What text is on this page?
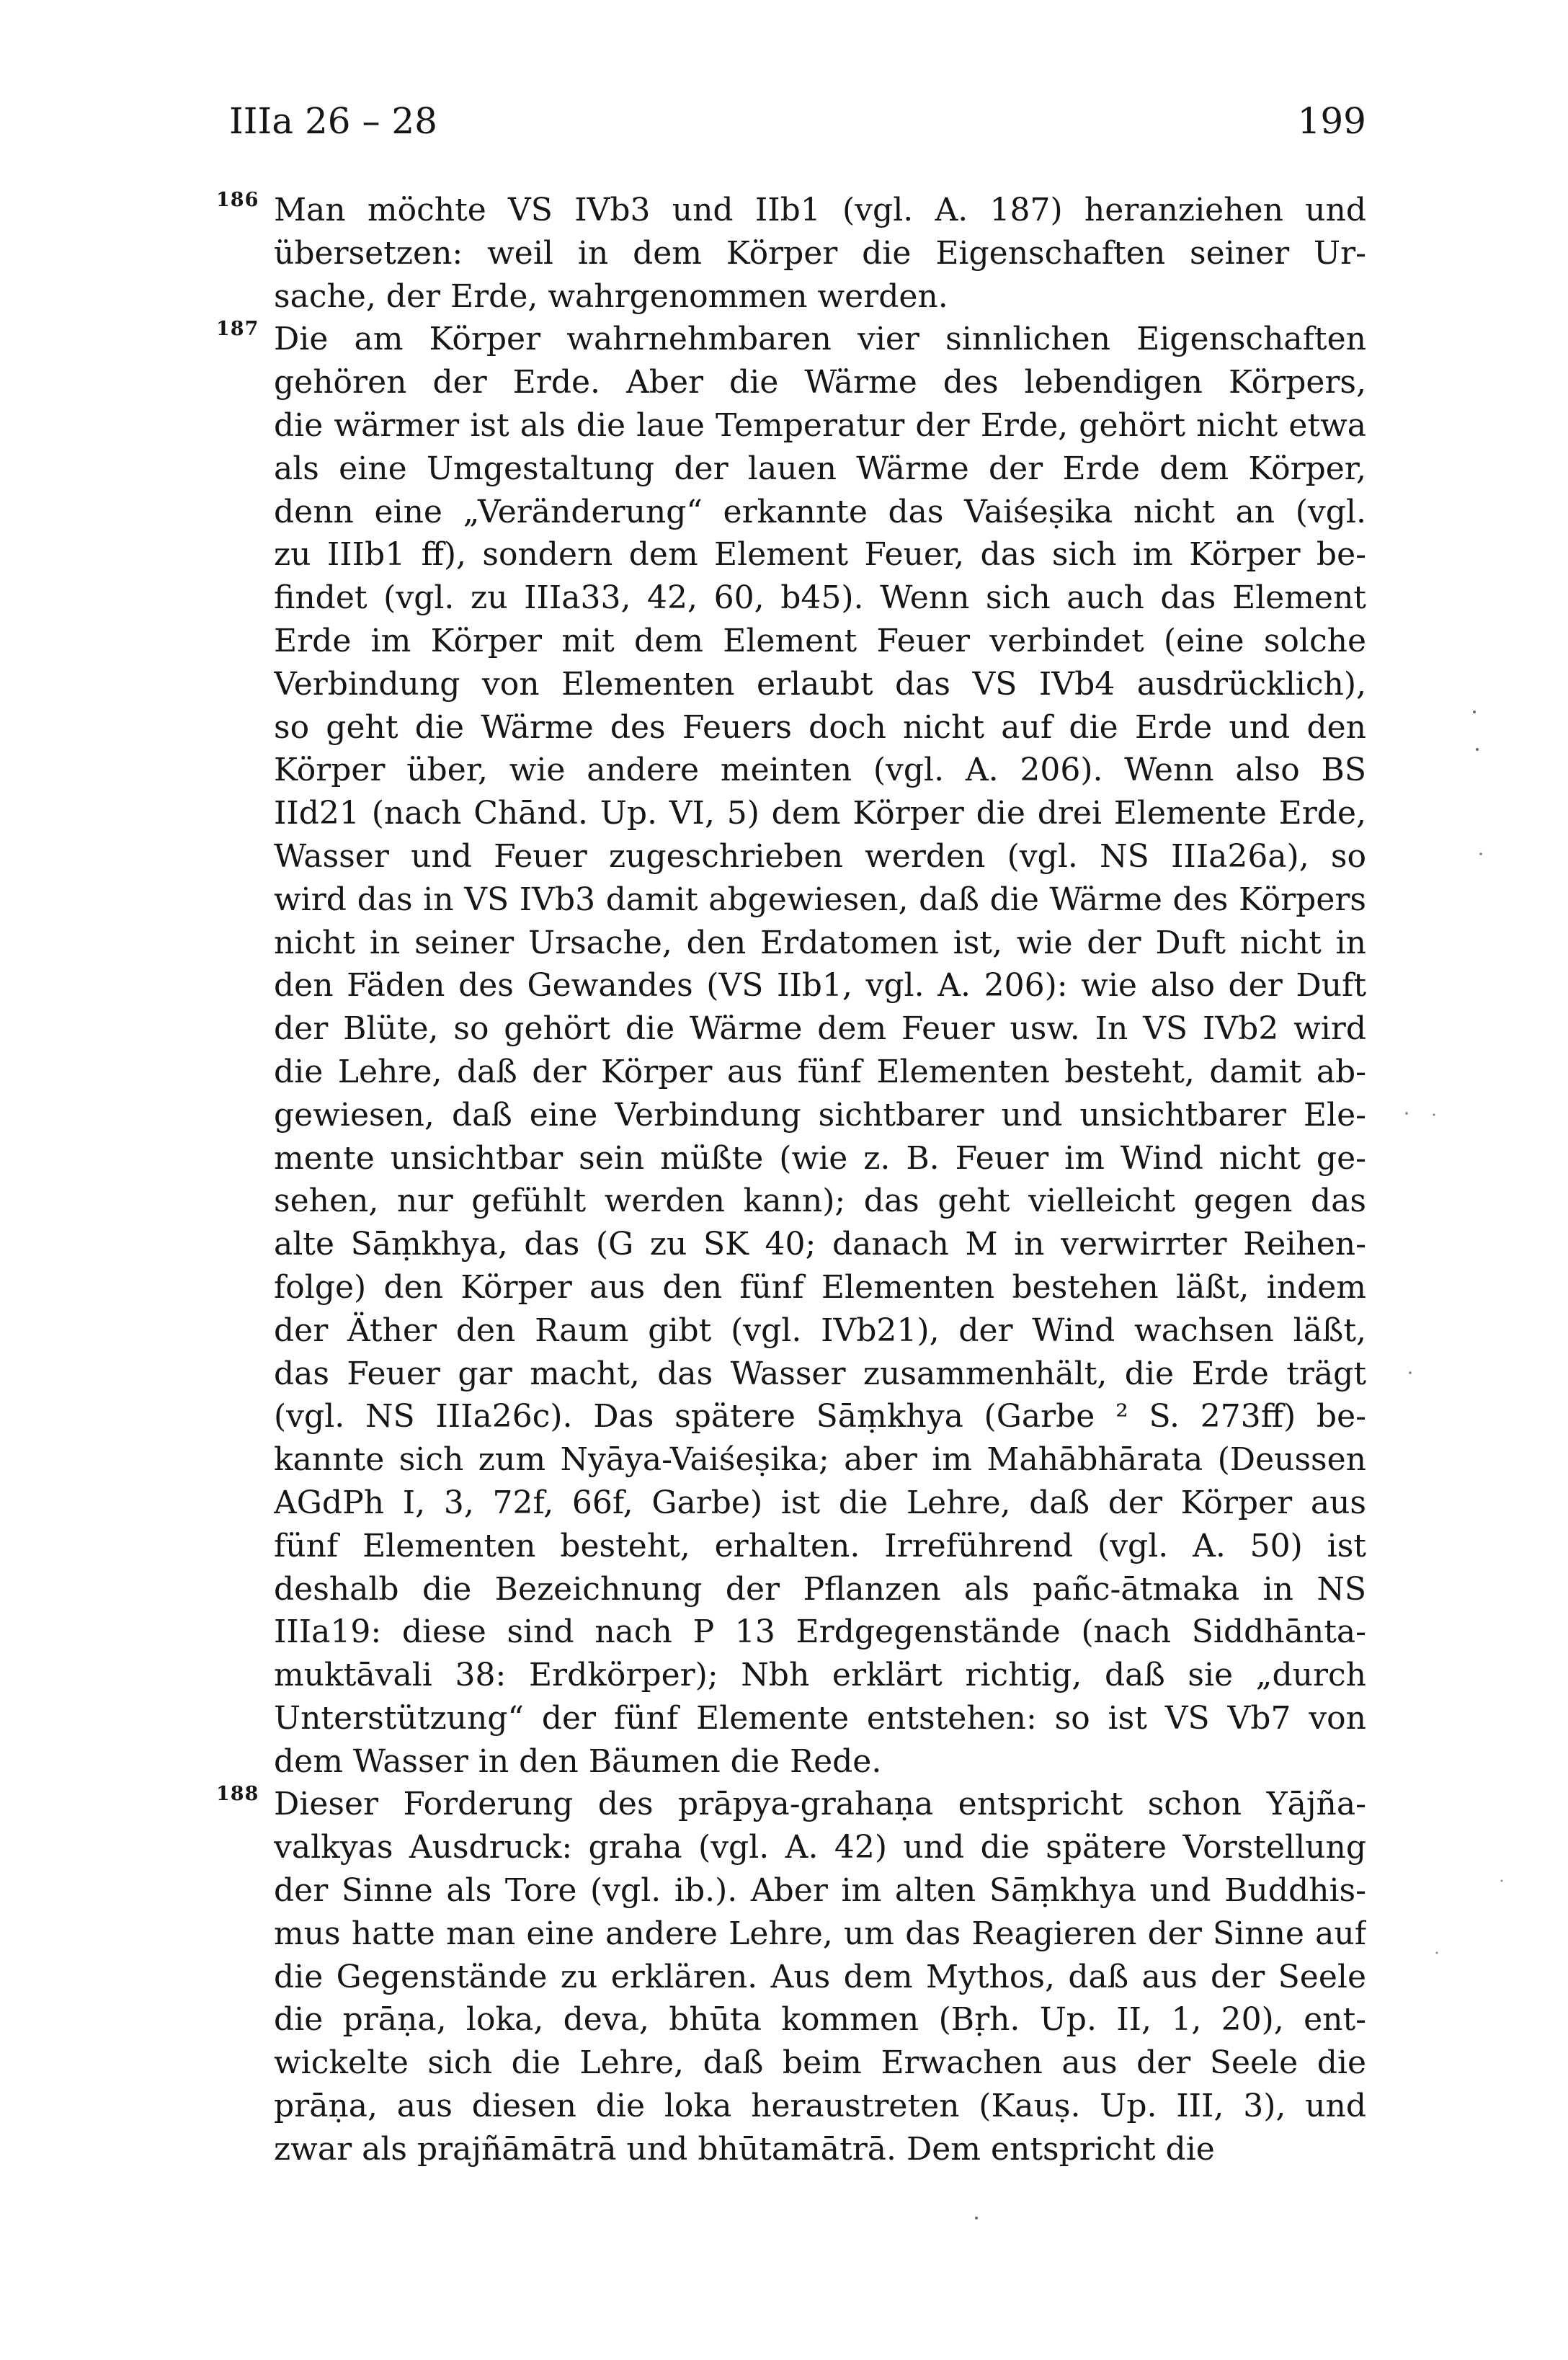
IIIa 26 – 28	199
186 Man möchte VS IVb3 und IIb1 (vgl. A. 187) heranziehen und
übersetzen: weil in dem Körper die Eigenschaften seiner Ur-
sache, der Erde, wahrgenommen werden.
187 Die am Körper wahrnehmbaren vier sinnlichen Eigenschaften
gehören der Erde. Aber die Wärme des lebendigen Körpers,
die wärmer ist als die laue Temperatur der Erde, gehört nicht etwa
als eine Umgestaltung der lauen Wärme der Erde dem Körper,
denn eine „Veränderung“ erkannte das Vaiśeṣika nicht an (vgl.
zu IIIb1 ff), sondern dem Element Feuer, das sich im Körper be-
findet (vgl. zu IIIa33, 42, 60, b45). Wenn sich auch das Element
Erde im Körper mit dem Element Feuer verbindet (eine solche
Verbindung von Elementen erlaubt das VS IVb4 ausdrücklich),
so geht die Wärme des Feuers doch nicht auf die Erde und den
Körper über, wie andere meinten (vgl. A. 206). Wenn also BS
IId21 (nach Chānd. Up. VI, 5) dem Körper die drei Elemente Erde,
Wasser und Feuer zugeschrieben werden (vgl. NS IIIa26a), so
wird das in VS IVb3 damit abgewiesen, daß die Wärme des Körpers
nicht in seiner Ursache, den Erdatomen ist, wie der Duft nicht in
den Fäden des Gewandes (VS IIb1, vgl. A. 206): wie also der Duft
der Blüte, so gehört die Wärme dem Feuer usw. In VS IVb2 wird
die Lehre, daß der Körper aus fünf Elementen besteht, damit ab-
gewiesen, daß eine Verbindung sichtbarer und unsichtbarer Ele-
mente unsichtbar sein müßte (wie z. B. Feuer im Wind nicht ge-
sehen, nur gefühlt werden kann); das geht vielleicht gegen das
alte Sāṃkhya, das (G zu SK 40; danach M in verwirrter Reihen-
folge) den Körper aus den fünf Elementen bestehen läßt, indem
der Äther den Raum gibt (vgl. IVb21), der Wind wachsen läßt,
das Feuer gar macht, das Wasser zusammenhält, die Erde trägt
(vgl. NS IIIa26c). Das spätere Sāṃkhya (Garbe ² S. 273ff) be-
kannte sich zum Nyāya-Vaiśeṣika; aber im Mahābhārata (Deussen
AGdPh I, 3, 72f, 66f, Garbe) ist die Lehre, daß der Körper aus
fünf Elementen besteht, erhalten. Irreführend (vgl. A. 50) ist
deshalb die Bezeichnung der Pflanzen als pañc-ātmaka in NS
IIIa19: diese sind nach P 13 Erdgegenstände (nach Siddhānta-
muktāvali 38: Erdkörper); Nbh erklärt richtig, daß sie „durch
Unterstützung“ der fünf Elemente entstehen: so ist VS Vb7 von
dem Wasser in den Bäumen die Rede.
188 Dieser Forderung des prāpya-grahaṇa entspricht schon Yājña-
valkyas Ausdruck: graha (vgl. A. 42) und die spätere Vorstellung
der Sinne als Tore (vgl. ib.). Aber im alten Sāṃkhya und Buddhis-
mus hatte man eine andere Lehre, um das Reagieren der Sinne auf
die Gegenstände zu erklären. Aus dem Mythos, daß aus der Seele
die prāṇa, loka, deva, bhūta kommen (Bṛh. Up. II, 1, 20), ent-
wickelte sich die Lehre, daß beim Erwachen aus der Seele die
prāṇa, aus diesen die loka heraustreten (Kauṣ. Up. III, 3), und
zwar als prajñāmātrā und bhūtamātrā. Dem entspricht die
